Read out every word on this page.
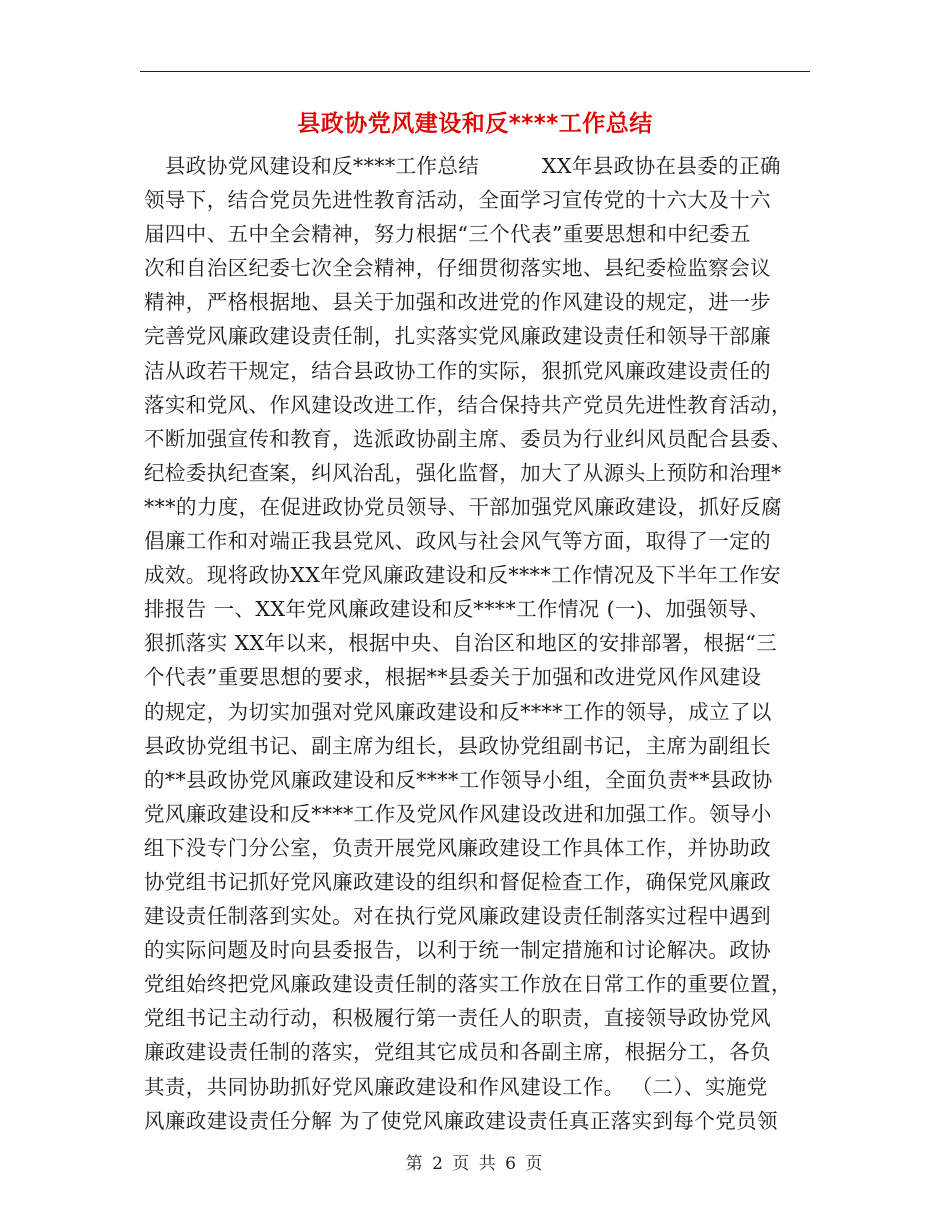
县政协党风建设和反****工作总结
　县政协党风建设和反****工作总结　　　XX年县政协在县委的正确
领导下，结合党员先进性教育活动，全面学习宣传党的十六大及十六
届四中、五中全会精神，努力根据“三个代表”重要思想和中纪委五
次和自治区纪委七次全会精神，仔细贯彻落实地、县纪委检监察会议
精神，严格根据地、县关于加强和改进党的作风建设的规定，进一步
完善党风廉政建设责任制，扎实落实党风廉政建设责任和领导干部廉
洁从政若干规定，结合县政协工作的实际，狠抓党风廉政建设责任的
落实和党风、作风建设改进工作，结合保持共产党员先进性教育活动，
不断加强宣传和教育，选派政协副主席、委员为行业纠风员配合县委、
纪检委执纪查案，纠风治乱，强化监督，加大了从源头上预防和治理*
***的力度，在促进政协党员领导、干部加强党风廉政建设，抓好反腐
倡廉工作和对端正我县党风、政风与社会风气等方面，取得了一定的
成效。现将政协XX年党风廉政建设和反****工作情况及下半年工作安
排报告 一、XX年党风廉政建设和反****工作情况 (一)、加强领导、
狠抓落实 XX年以来，根据中央、自治区和地区的安排部署，根据“三
个代表”重要思想的要求，根据**县委关于加强和改进党风作风建设
的规定，为切实加强对党风廉政建设和反****工作的领导，成立了以
县政协党组书记、副主席为组长，县政协党组副书记，主席为副组长
的**县政协党风廉政建设和反****工作领导小组，全面负责**县政协
党风廉政建设和反****工作及党风作风建设改进和加强工作。领导小
组下没专门分公室，负责开展党风廉政建设工作具体工作，并协助政
协党组书记抓好党风廉政建设的组织和督促检查工作，确保党风廉政
建设责任制落到实处。对在执行党风廉政建设责任制落实过程中遇到
的实际问题及时向县委报告，以利于统一制定措施和讨论解决。政协
党组始终把党风廉政建设责任制的落实工作放在日常工作的重要位置，
党组书记主动行动，积极履行第一责任人的职责，直接领导政协党风
廉政建设责任制的落实，党组其它成员和各副主席，根据分工，各负
其责，共同协助抓好党风廉政建设和作风建设工作。 （二）、实施党
风廉政建设责任分解 为了使党风廉政建设责任真正落实到每个党员领
第 2 页 共 6 页
